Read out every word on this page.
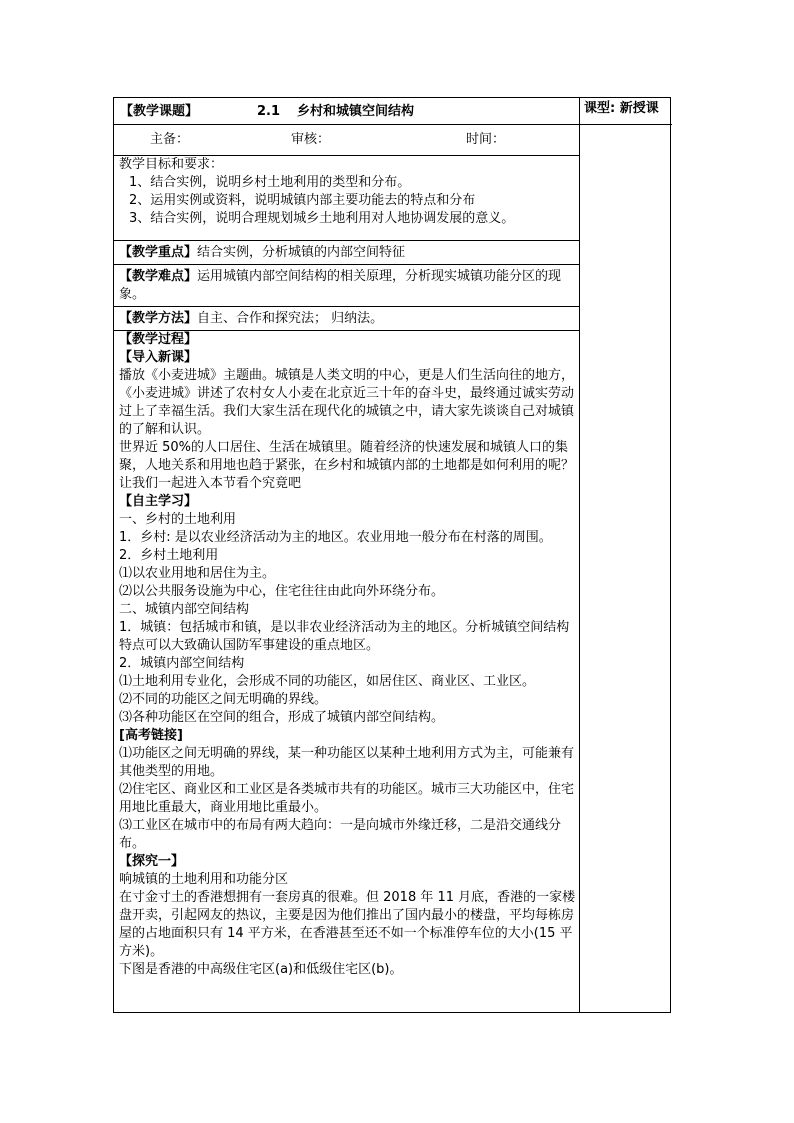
【教学课题】	2.1 乡村和城镇空间结构	课型: 新授课
主备：	审核：	时间：

教学目标和要求：

1、结合实例，说明乡村土地利用的类型和分布。

2、运用实例或资料，说明城镇内部主要功能去的特点和分布

3、结合实例，说明合理规划城乡土地利用对人地协调发展的意义。

【教学重点】结合实例，分析城镇的内部空间特征

【教学难点】运用城镇内部空间结构的相关原理，分析现实城镇功能分区的现象。

【教学方法】自主、合作和探究法； 归纳法。

【教学过程】

【导入新课】

播放《小麦进城》主题曲。城镇是人类文明的中心，更是人们生活向往的地方，《小麦进城》讲述了农村女人小麦在北京近三十年的奋斗史，最终通过诚实劳动过上了幸福生活。我们大家生活在现代化的城镇之中，请大家先谈谈自己对城镇的了解和认识。

世界近 50%的人口居住、生活在城镇里。随着经济的快速发展和城镇人口的集聚，人地关系和用地也趋于紧张，在乡村和城镇内部的土地都是如何利用的呢？让我们一起进入本节看个究竟吧

【自主学习】

一、乡村的土地利用

1．乡村: 是以农业经济活动为主的地区。农业用地一般分布在村落的周围。

2．乡村土地利用

⑴以农业用地和居住为主。

⑵以公共服务设施为中心，住宅往往由此向外环绕分布。

二、城镇内部空间结构

1．城镇：包括城市和镇，是以非农业经济活动为主的地区。分析城镇空间结构特点可以大致确认国防军事建设的重点地区。

2．城镇内部空间结构

⑴土地利用专业化，会形成不同的功能区，如居住区、商业区、工业区。

⑵不同的功能区之间无明确的界线。

⑶各种功能区在空间的组合，形成了城镇内部空间结构。

[高考链接]

⑴功能区之间无明确的界线，某一种功能区以某种土地利用方式为主，可能兼有其他类型的用地。

⑵住宅区、商业区和工业区是各类城市共有的功能区。城市三大功能区中，住宅用地比重最大，商业用地比重最小。

⑶工业区在城市中的布局有两大趋向：一是向城市外缘迁移，二是沿交通线分布。

【探究一】

响城镇的土地利用和功能分区

在寸金寸土的香港想拥有一套房真的很难。但 2018 年 11 月底，香港的一家楼盘开卖，引起网友的热议，主要是因为他们推出了国内最小的楼盘，平均每栋房屋的占地面积只有 14 平方米，在香港甚至还不如一个标准停车位的大小(15 平方米)。

下图是香港的中高级住宅区(a)和低级住宅区(b)。
